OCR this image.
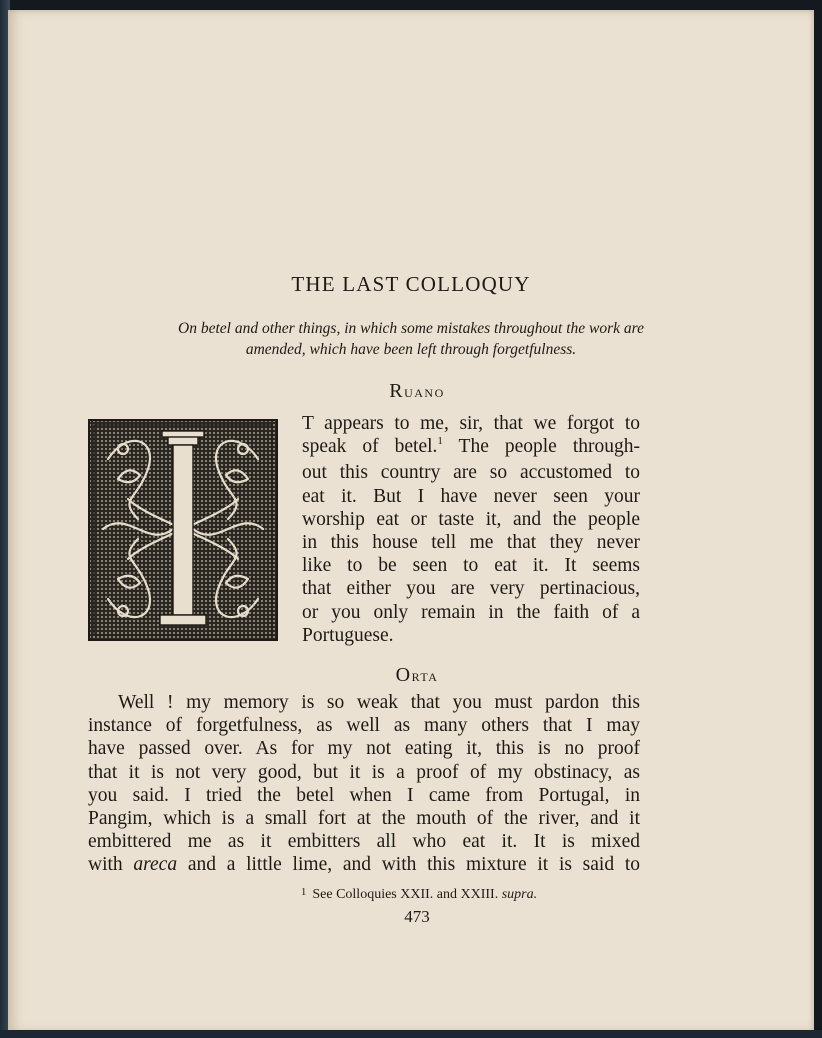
THE LAST COLLOQUY
On betel and other things, in which some mistakes throughout the work are
amended, which have been left through forgetfulness.
Ruano
T appears to me, sir, that we forgot to
speak of betel.$^1$ The people through-
out this country are so accustomed to
eat it. But I have never seen your
worship eat or taste it, and the people
in this house tell me that they never
like to be seen to eat it. It seems
that either you are very pertinacious,
or you only remain in the faith of a
Portuguese.
Orta
Well ! my memory is so weak that you must pardon this
instance of forgetfulness, as well as many others that I may
have passed over. As for my not eating it, this is no proof
that it is not very good, but it is a proof of my obstinacy, as
you said. I tried the betel when I came from Portugal, in
Pangim, which is a small fort at the mouth of the river, and it
embittered me as it embitters all who eat it. It is mixed
with areca and a little lime, and with this mixture it is said to
$^1$ See Colloquies XXII. and XXIII. supra.
473
